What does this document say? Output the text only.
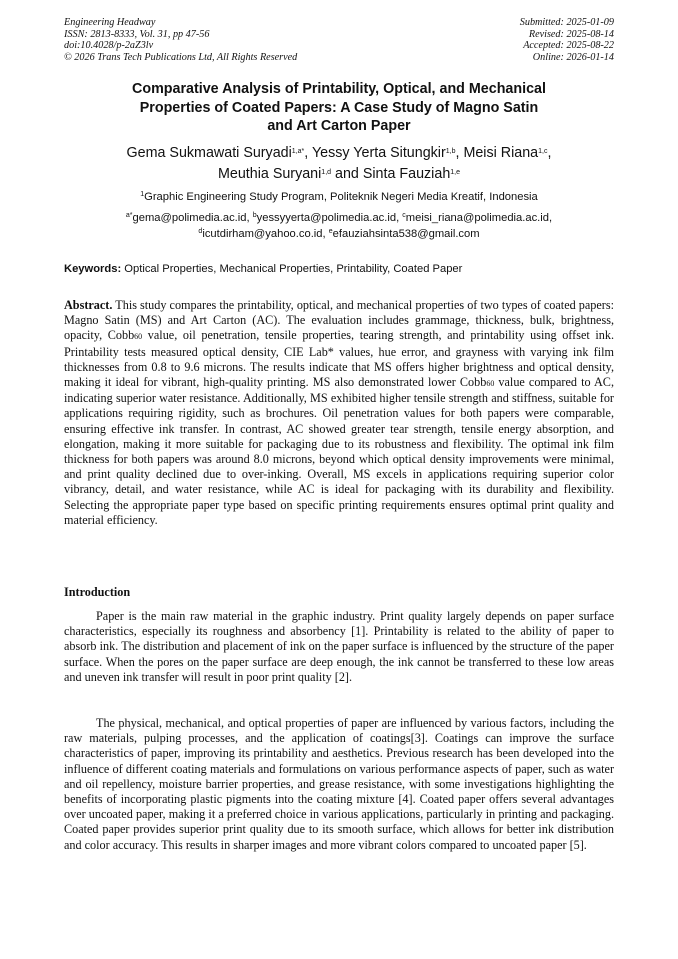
Engineering Headway
ISSN: 2813-8333, Vol. 31, pp 47-56
doi:10.4028/p-2aZ3lv
© 2026 Trans Tech Publications Ltd, All Rights Reserved
Submitted: 2025-01-09
Revised: 2025-08-14
Accepted: 2025-08-22
Online: 2026-01-14
Comparative Analysis of Printability, Optical, and Mechanical
Properties of Coated Papers: A Case Study of Magno Satin
and Art Carton Paper
Gema Sukmawati Suryadi$^{1,a*}$, Yessy Yerta Situngkir$^{1,b}$, Meisi Riana$^{1,c}$,
Meuthia Suryani$^{1,d}$ and Sinta Fauziah$^{1,e}$
$^1$Graphic Engineering Study Program, Politeknik Negeri Media Kreatif, Indonesia
$^{a*}$gema@polimedia.ac.id, $^b$yessyyerta@polimedia.ac.id, $^c$meisi_riana@polimedia.ac.id,
$^d$icutdirham@yahoo.co.id, $^e$efauziahsinta538@gmail.com
Keywords: Optical Properties, Mechanical Properties, Printability, Coated Paper

Abstract. This study compares the printability, optical, and mechanical properties of two types of coated papers: Magno Satin (MS) and Art Carton (AC). The evaluation includes grammage, thickness, bulk, brightness, opacity, Cobb60 value, oil penetration, tensile properties, tearing strength, and printability using offset ink. Printability tests measured optical density, CIE Lab* values, hue error, and grayness with varying ink film thicknesses from 0.8 to 9.6 microns. The results indicate that MS offers higher brightness and optical density, making it ideal for vibrant, high-quality printing. MS also demonstrated lower Cobb60 value compared to AC, indicating superior water resistance. Additionally, MS exhibited higher tensile strength and stiffness, suitable for applications requiring rigidity, such as brochures. Oil penetration values for both papers were comparable, ensuring effective ink transfer. In contrast, AC showed greater tear strength, tensile energy absorption, and elongation, making it more suitable for packaging due to its robustness and flexibility. The optimal ink film thickness for both papers was around 8.0 microns, beyond which optical density improvements were minimal, and print quality declined due to over-inking. Overall, MS excels in applications requiring superior color vibrancy, detail, and water resistance, while AC is ideal for packaging with its durability and flexibility. Selecting the appropriate paper type based on specific printing requirements ensures optimal print quality and material efficiency.

Introduction

Paper is the main raw material in the graphic industry. Print quality largely depends on paper surface characteristics, especially its roughness and absorbency [1]. Printability is related to the ability of paper to absorb ink. The distribution and placement of ink on the paper surface is influenced by the structure of the paper surface. When the pores on the paper surface are deep enough, the ink cannot be transferred to these low areas and uneven ink transfer will result in poor print quality [2].

The physical, mechanical, and optical properties of paper are influenced by various factors, including the raw materials, pulping processes, and the application of coatings[3]. Coatings can improve the surface characteristics of paper, improving its printability and aesthetics. Previous research has been developed into the influence of different coating materials and formulations on various performance aspects of paper, such as water and oil repellency, moisture barrier properties, and grease resistance, with some investigations highlighting the benefits of incorporating plastic pigments into the coating mixture [4]. Coated paper offers several advantages over uncoated paper, making it a preferred choice in various applications, particularly in printing and packaging. Coated paper provides superior print quality due to its smooth surface, which allows for better ink distribution and color accuracy. This results in sharper images and more vibrant colors compared to uncoated paper [5].
